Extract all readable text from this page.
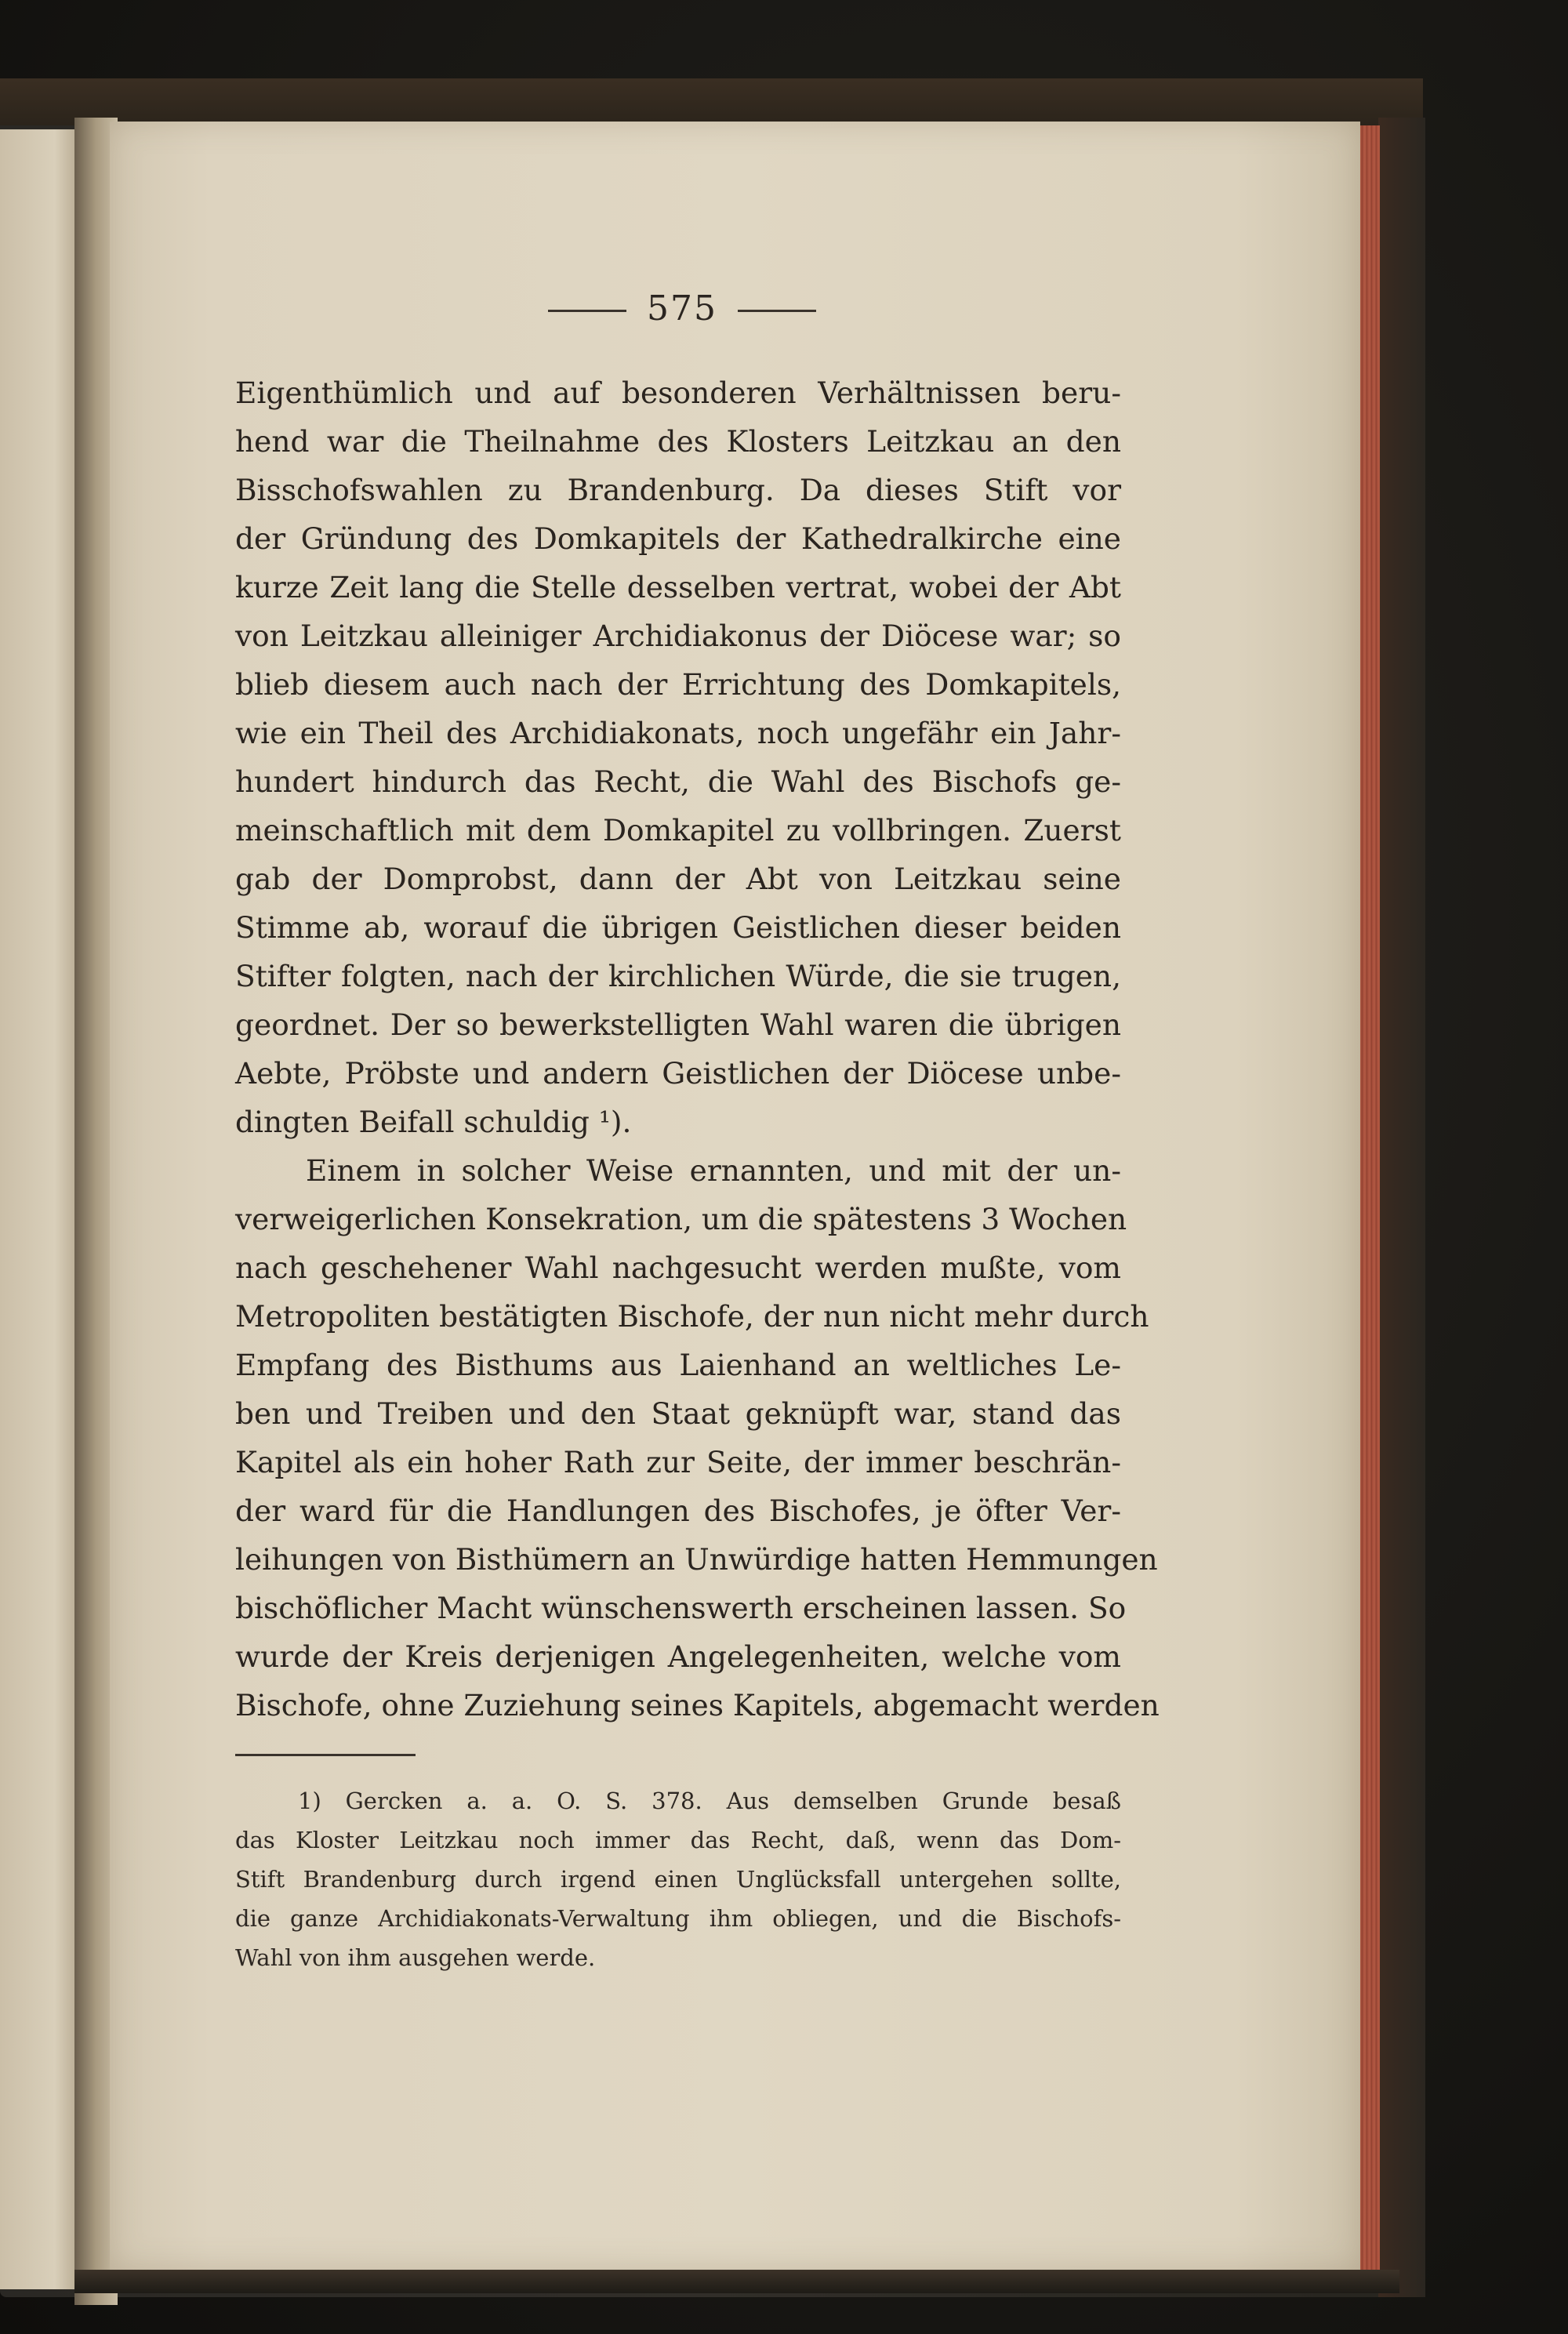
575
Eigenthümlich und auf besonderen Verhältnissen beru-
hend war die Theilnahme des Klosters Leitzkau an den
Bisschofswahlen zu Brandenburg. Da dieses Stift vor
der Gründung des Domkapitels der Kathedralkirche eine
kurze Zeit lang die Stelle desselben vertrat, wobei der Abt
von Leitzkau alleiniger Archidiakonus der Diöcese war; so
blieb diesem auch nach der Errichtung des Domkapitels,
wie ein Theil des Archidiakonats, noch ungefähr ein Jahr-
hundert hindurch das Recht, die Wahl des Bischofs ge-
meinschaftlich mit dem Domkapitel zu vollbringen. Zuerst
gab der Domprobst, dann der Abt von Leitzkau seine
Stimme ab, worauf die übrigen Geistlichen dieser beiden
Stifter folgten, nach der kirchlichen Würde, die sie trugen,
geordnet. Der so bewerkstelligten Wahl waren die übrigen
Aebte, Pröbste und andern Geistlichen der Diöcese unbe-
dingten Beifall schuldig ¹).
Einem in solcher Weise ernannten, und mit der un-
verweigerlichen Konsekration, um die spätestens 3 Wochen
nach geschehener Wahl nachgesucht werden mußte, vom
Metropoliten bestätigten Bischofe, der nun nicht mehr durch
Empfang des Bisthums aus Laienhand an weltliches Le-
ben und Treiben und den Staat geknüpft war, stand das
Kapitel als ein hoher Rath zur Seite, der immer beschrän-
der ward für die Handlungen des Bischofes, je öfter Ver-
leihungen von Bisthümern an Unwürdige hatten Hemmungen
bischöflicher Macht wünschenswerth erscheinen lassen. So
wurde der Kreis derjenigen Angelegenheiten, welche vom
Bischofe, ohne Zuziehung seines Kapitels, abgemacht werden
1) Gercken a. a. O. S. 378. Aus demselben Grunde besaß
das Kloster Leitzkau noch immer das Recht, daß, wenn das Dom-
Stift Brandenburg durch irgend einen Unglücksfall untergehen sollte,
die ganze Archidiakonats-Verwaltung ihm obliegen, und die Bischofs-
Wahl von ihm ausgehen werde.
